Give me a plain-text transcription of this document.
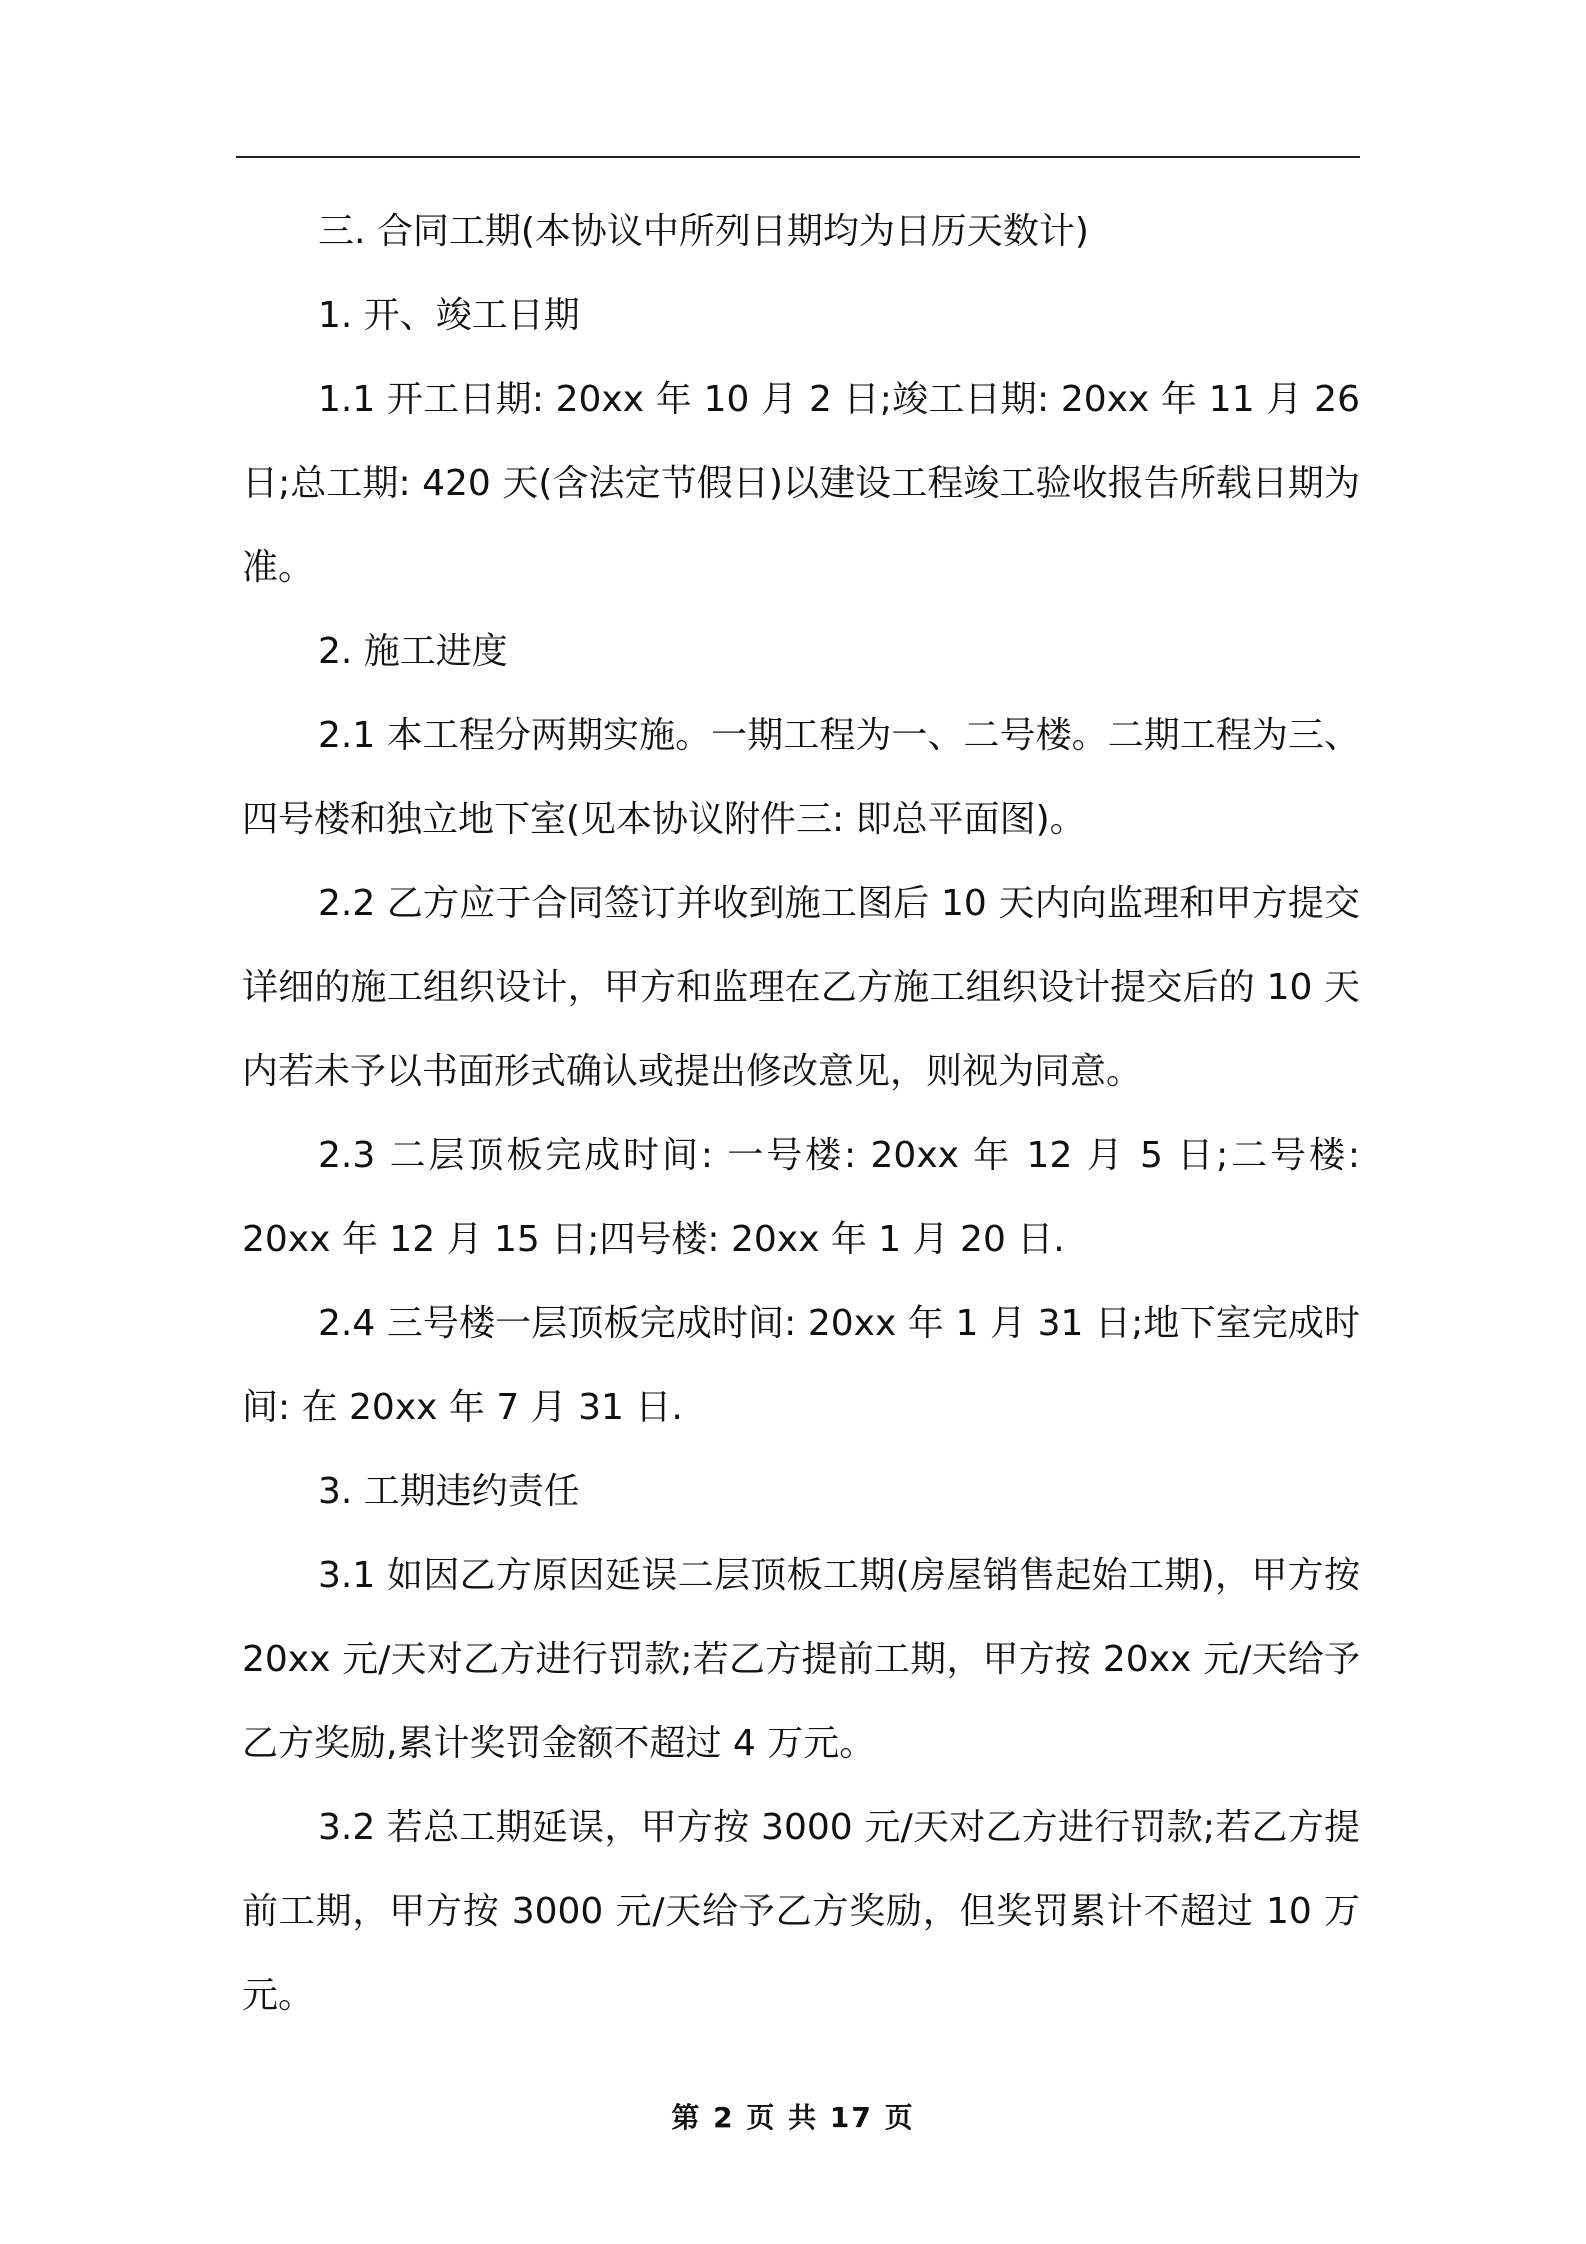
三. 合同工期(本协议中所列日期均为日历天数计)

1. 开、竣工日期

1.1 开工日期: 20xx 年 10 月 2 日;竣工日期: 20xx 年 11 月 26 日;总工期: 420 天(含法定节假日)以建设工程竣工验收报告所载日期为准。

2. 施工进度

2.1 本工程分两期实施。一期工程为一、二号楼。二期工程为三、四号楼和独立地下室(见本协议附件三: 即总平面图)。

2.2 乙方应于合同签订并收到施工图后 10 天内向监理和甲方提交详细的施工组织设计，甲方和监理在乙方施工组织设计提交后的 10 天内若未予以书面形式确认或提出修改意见，则视为同意。

2.3 二层顶板完成时间: 一号楼: 20xx 年 12 月 5 日;二号楼: 20xx 年 12 月 15 日;四号楼: 20xx 年 1 月 20 日.

2.4 三号楼一层顶板完成时间: 20xx 年 1 月 31 日;地下室完成时间: 在 20xx 年 7 月 31 日.

3. 工期违约责任

3.1 如因乙方原因延误二层顶板工期(房屋销售起始工期)，甲方按 20xx 元/天对乙方进行罚款;若乙方提前工期，甲方按 20xx 元/天给予乙方奖励,累计奖罚金额不超过 4 万元。

3.2 若总工期延误，甲方按 3000 元/天对乙方进行罚款;若乙方提前工期，甲方按 3000 元/天给予乙方奖励，但奖罚累计不超过 10 万元。

第 2 页 共 17 页
